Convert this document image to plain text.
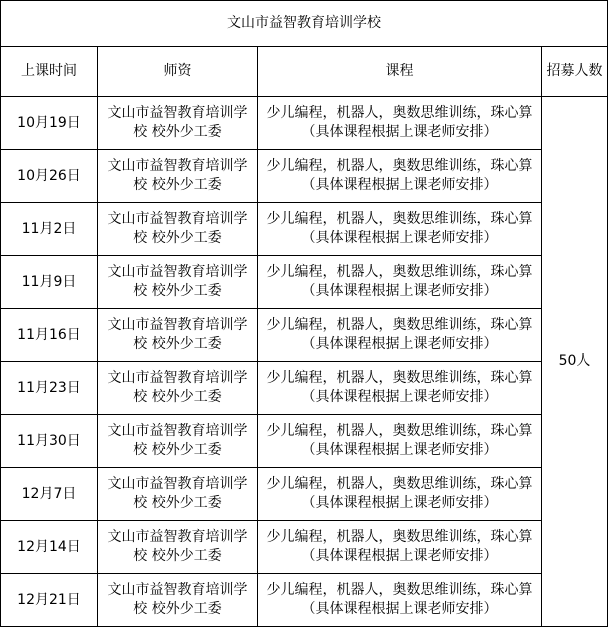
文山市益智教育培训学校			
上课时间	师资	课程	招募人数
10月19日	文山市益智教育培训学校 校外少工委	少儿编程，机器人，奥数思维训练，珠心算（具体课程根据上课老师安排）	50人
10月26日	文山市益智教育培训学校 校外少工委	少儿编程，机器人，奥数思维训练，珠心算（具体课程根据上课老师安排）	
11月2日	文山市益智教育培训学校 校外少工委	少儿编程，机器人，奥数思维训练，珠心算（具体课程根据上课老师安排）	
11月9日	文山市益智教育培训学校 校外少工委	少儿编程，机器人，奥数思维训练，珠心算（具体课程根据上课老师安排）	
11月16日	文山市益智教育培训学校 校外少工委	少儿编程，机器人，奥数思维训练，珠心算（具体课程根据上课老师安排）	
11月23日	文山市益智教育培训学校 校外少工委	少儿编程，机器人，奥数思维训练，珠心算（具体课程根据上课老师安排）	
11月30日	文山市益智教育培训学校 校外少工委	少儿编程，机器人，奥数思维训练，珠心算（具体课程根据上课老师安排）	
12月7日	文山市益智教育培训学校 校外少工委	少儿编程，机器人，奥数思维训练，珠心算（具体课程根据上课老师安排）	
12月14日	文山市益智教育培训学校 校外少工委	少儿编程，机器人，奥数思维训练，珠心算（具体课程根据上课老师安排）	
12月21日	文山市益智教育培训学校 校外少工委	少儿编程，机器人，奥数思维训练，珠心算（具体课程根据上课老师安排）	
